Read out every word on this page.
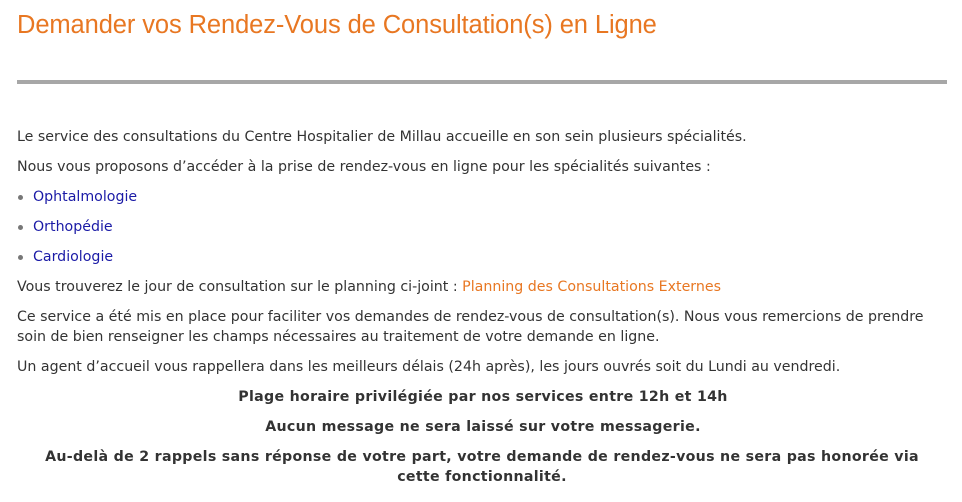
Demander vos Rendez-Vous de Consultation(s) en Ligne

Le service des consultations du Centre Hospitalier de Millau accueille en son sein plusieurs spécialités.

Nous vous proposons d’accéder à la prise de rendez-vous en ligne pour les spécialités suivantes :

Ophtalmologie
Orthopédie
Cardiologie

Vous trouverez le jour de consultation sur le planning ci-joint : Planning des Consultations Externes

Ce service a été mis en place pour faciliter vos demandes de rendez-vous de consultation(s). Nous vous remercions de prendre soin de bien renseigner les champs nécessaires au traitement de votre demande en ligne.

Un agent d’accueil vous rappellera dans les meilleurs délais (24h après), les jours ouvrés soit du Lundi au vendredi.

Plage horaire privilégiée par nos services entre 12h et 14h

Aucun message ne sera laissé sur votre messagerie.

Au-delà de 2 rappels sans réponse de votre part, votre demande de rendez-vous ne sera pas honorée via cette fonctionnalité.
